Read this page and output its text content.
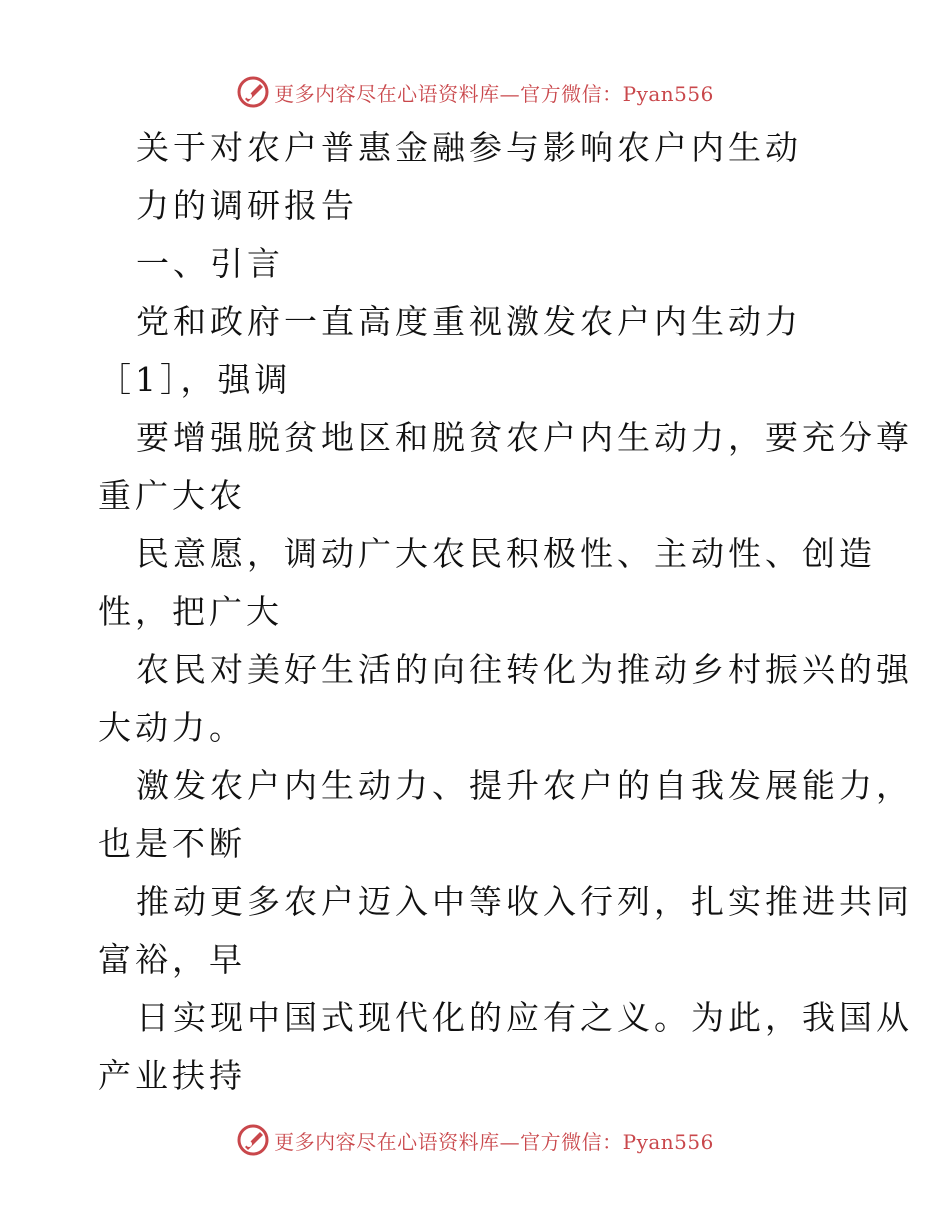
更多内容尽在心语资料库—官方微信：Pyan556
关于对农户普惠金融参与影响农户内生动
力的调研报告
一、引言
党和政府一直高度重视激发农户内生动力
［1］，强调
要增强脱贫地区和脱贫农户内生动力，要充分尊
重广大农
民意愿，调动广大农民积极性、主动性、创造
性，把广大
农民对美好生活的向往转化为推动乡村振兴的强
大动力。
激发农户内生动力、提升农户的自我发展能力，
也是不断
推动更多农户迈入中等收入行列，扎实推进共同
富裕，早
日实现中国式现代化的应有之义。为此，我国从
产业扶持
更多内容尽在心语资料库—官方微信：Pyan556
